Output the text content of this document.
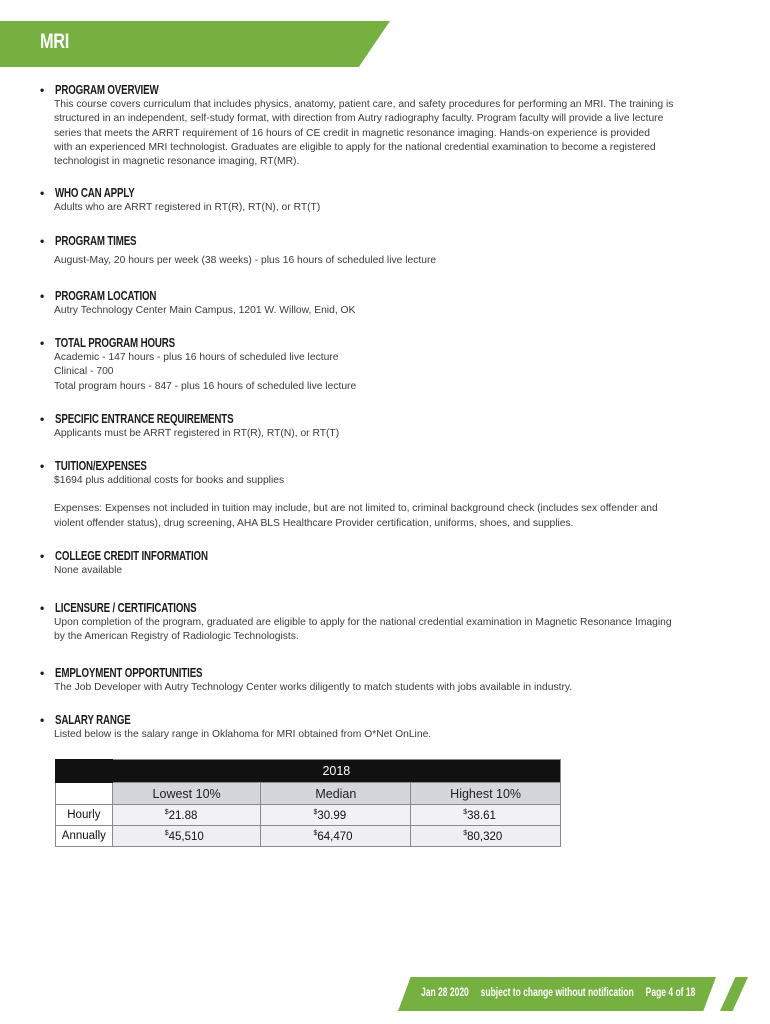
MRI
• PROGRAM OVERVIEW
This course covers curriculum that includes physics, anatomy, patient care, and safety procedures for performing an MRI. The training is
structured in an independent, self-study format, with direction from Autry radiography faculty. Program faculty will provide a live lecture
series that meets the ARRT requirement of 16 hours of CE credit in magnetic resonance imaging. Hands-on experience is provided
with an experienced MRI technologist. Graduates are eligible to apply for the national credential examination to become a registered
technologist in magnetic resonance imaging, RT(MR).
• WHO CAN APPLY
Adults who are ARRT registered in RT(R), RT(N), or RT(T)
• PROGRAM TIMES
August-May, 20 hours per week (38 weeks) - plus 16 hours of scheduled live lecture
• PROGRAM LOCATION
Autry Technology Center Main Campus, 1201 W. Willow, Enid, OK
• TOTAL PROGRAM HOURS
Academic - 147 hours - plus 16 hours of scheduled live lecture
Clinical - 700
Total program hours - 847 - plus 16 hours of scheduled live lecture
• SPECIFIC ENTRANCE REQUIREMENTS
Applicants must be ARRT registered in RT(R), RT(N), or RT(T)
• TUITION/EXPENSES
$1694 plus additional costs for books and supplies
Expenses: Expenses not included in tuition may include, but are not limited to, criminal background check (includes sex offender and
violent offender status), drug screening, AHA BLS Healthcare Provider certification, uniforms, shoes, and supplies.
• COLLEGE CREDIT INFORMATION
None available
• LICENSURE / CERTIFICATIONS
Upon completion of the program, graduated are eligible to apply for the national credential examination in Magnetic Resonance Imaging
by the American Registry of Radiologic Technologists.
• EMPLOYMENT OPPORTUNITIES
The Job Developer with Autry Technology Center works diligently to match students with jobs available in industry.
• SALARY RANGE
Listed below is the salary range in Oklahoma for MRI obtained from O*Net OnLine.
	2018		
	Lowest 10%	Median	Highest 10%
Hourly	$21.88	$30.99	$38.61
Annually	$45,510	$64,470	$80,320
Jan 28 2020 subject to change without notification Page 4 of 18
